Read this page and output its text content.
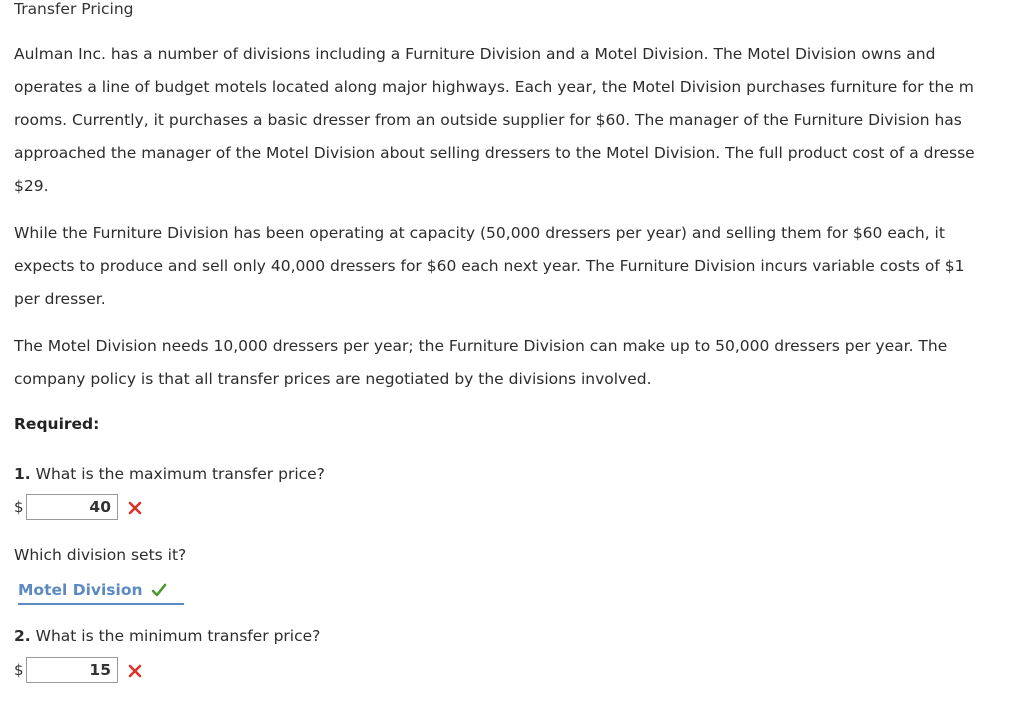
Transfer Pricing
Aulman Inc. has a number of divisions including a Furniture Division and a Motel Division. The Motel Division owns and
operates a line of budget motels located along major highways. Each year, the Motel Division purchases furniture for the m
rooms. Currently, it purchases a basic dresser from an outside supplier for $60. The manager of the Furniture Division has
approached the manager of the Motel Division about selling dressers to the Motel Division. The full product cost of a dresse
$29.
While the Furniture Division has been operating at capacity (50,000 dressers per year) and selling them for $60 each, it
expects to produce and sell only 40,000 dressers for $60 each next year. The Furniture Division incurs variable costs of $1
per dresser.
The Motel Division needs 10,000 dressers per year; the Furniture Division can make up to 50,000 dressers per year. The
company policy is that all transfer prices are negotiated by the divisions involved.
Required:
1. What is the maximum transfer price?
$
40
Which division sets it?
Motel Division
2. What is the minimum transfer price?
$
15
